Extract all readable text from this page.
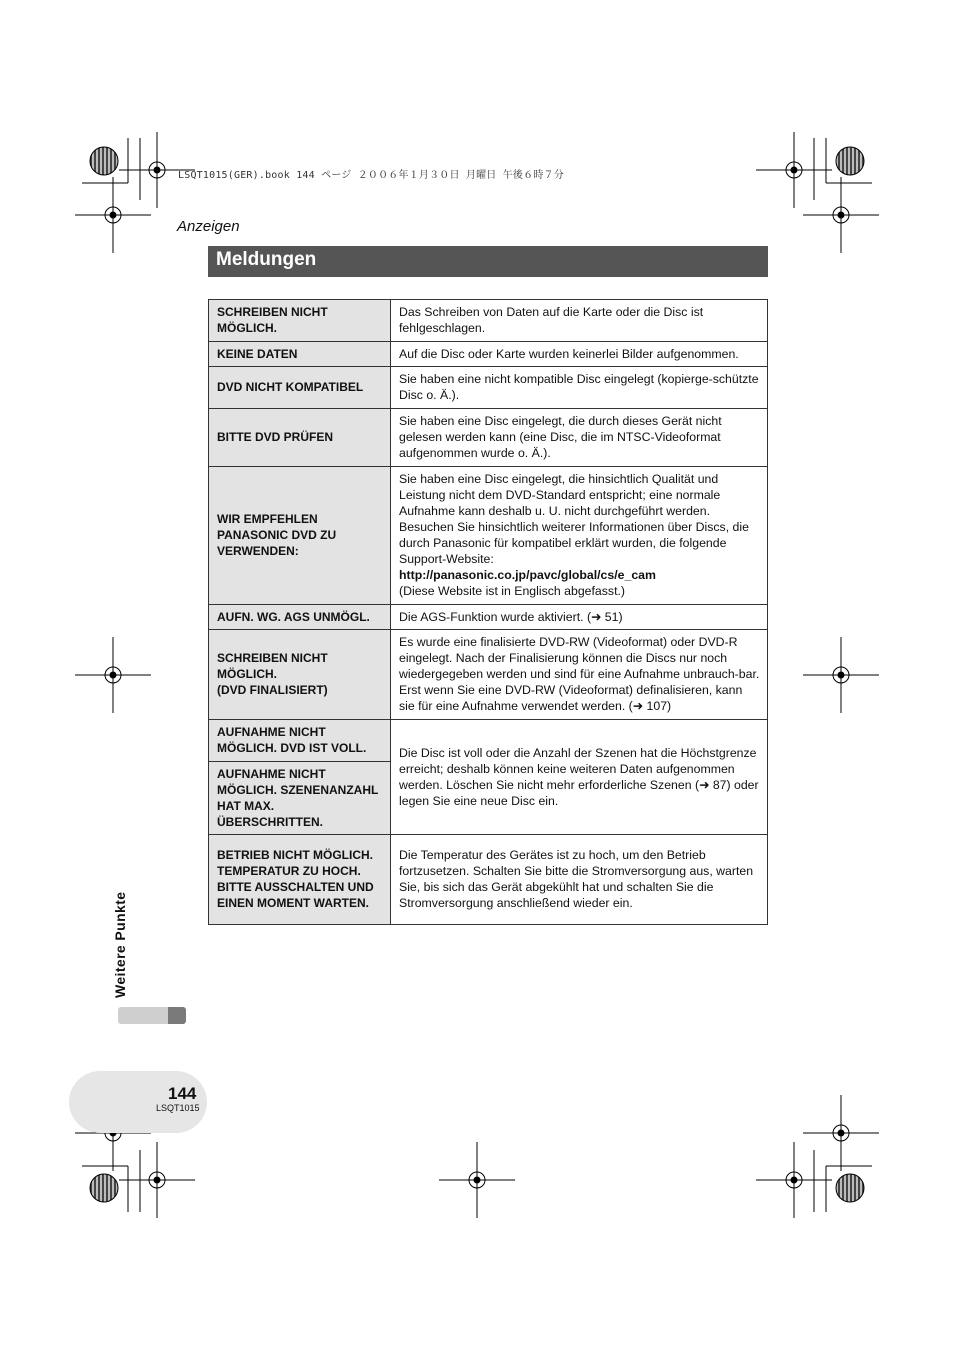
LSQT1015(GER).book 144 ページ ２００６年１月３０日 月曜日 午後６時７分
Anzeigen
Meldungen
SCHREIBEN NICHT MÖGLICH.	Das Schreiben von Daten auf die Karte oder die Disc ist fehlgeschlagen.
KEINE DATEN	Auf die Disc oder Karte wurden keinerlei Bilder aufgenommen.
DVD NICHT KOMPATIBEL	Sie haben eine nicht kompatible Disc eingelegt (kopierge-schützte Disc o. Ä.).
BITTE DVD PRÜFEN	Sie haben eine Disc eingelegt, die durch dieses Gerät nicht gelesen werden kann (eine Disc, die im NTSC-Videoformat aufgenommen wurde o. Ä.).
WIR EMPFEHLEN PANASONIC DVD ZU VERWENDEN:	Sie haben eine Disc eingelegt, die hinsichtlich Qualität und Leistung nicht dem DVD-Standard entspricht; eine normale Aufnahme kann deshalb u. U. nicht durchgeführt werden. Besuchen Sie hinsichtlich weiterer Informationen über Discs, die durch Panasonic für kompatibel erklärt wurden, die folgende Support-Website:
http://panasonic.co.jp/pavc/global/cs/e_cam
(Diese Website ist in Englisch abgefasst.)
AUFN. WG. AGS UNMÖGL.	Die AGS-Funktion wurde aktiviert. (➜ 51)
SCHREIBEN NICHT MÖGLICH.
(DVD FINALISIERT)	Es wurde eine finalisierte DVD-RW (Videoformat) oder DVD-R eingelegt. Nach der Finalisierung können die Discs nur noch wiedergegeben werden und sind für eine Aufnahme unbrauch-bar. Erst wenn Sie eine DVD-RW (Videoformat) definalisieren, kann sie für eine Aufnahme verwendet werden. (➜ 107)
AUFNAHME NICHT MÖGLICH. DVD IST VOLL.	Die Disc ist voll oder die Anzahl der Szenen hat die Höchstgrenze erreicht; deshalb können keine weiteren Daten aufgenommen werden. Löschen Sie nicht mehr erforderliche Szenen (➜ 87) oder legen Sie eine neue Disc ein.
AUFNAHME NICHT MÖGLICH. SZENENANZAHL HAT MAX. ÜBERSCHRITTEN.	
BETRIEB NICHT MÖGLICH. TEMPERATUR ZU HOCH. BITTE AUSSCHALTEN UND EINEN MOMENT WARTEN.	Die Temperatur des Gerätes ist zu hoch, um den Betrieb fortzusetzen. Schalten Sie bitte die Stromversorgung aus, warten Sie, bis sich das Gerät abgekühlt hat und schalten Sie die Stromversorgung anschließend wieder ein.
Weitere Punkte
144
LSQT1015
